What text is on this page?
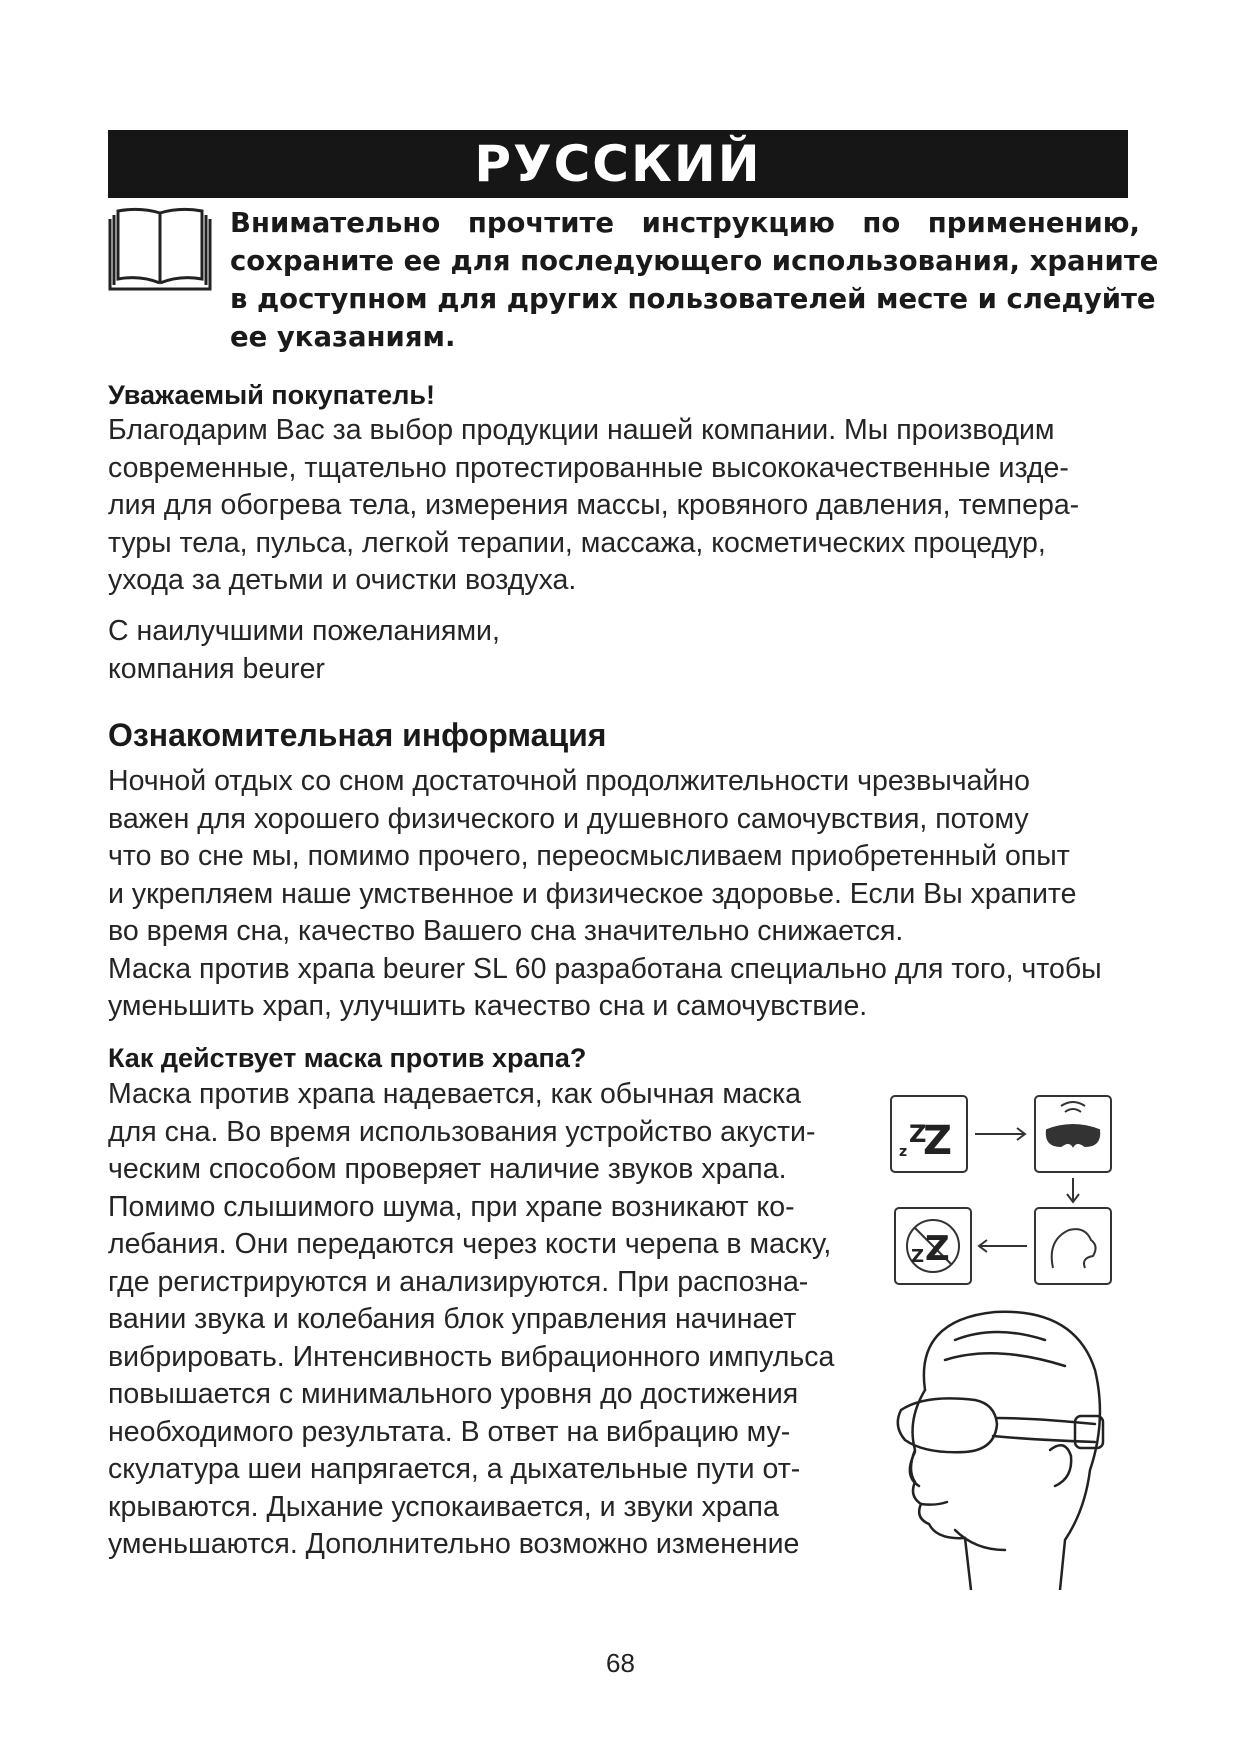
РУССКИЙ
Внимательно прочтите инструкцию по применению,
сохраните ее для последующего использования, храните
в доступном для других пользователей месте и следуйте
ее указаниям.
Уважаемый покупатель!
Благодарим Вас за выбор продукции нашей компании. Мы производим
современные, тщательно протестированные высококачественные изде-
лия для обогрева тела, измерения массы, кровяного давления, темпера-
туры тела, пульса, легкой терапии, массажа, косметических процедур,
ухода за детьми и очистки воздуха.
С наилучшими пожеланиями,
компания beurer
Ознакомительная информация
Ночной отдых со сном достаточной продолжительности чрезвычайно
важен для хорошего физического и душевного самочувствия, потому
что во сне мы, помимо прочего, переосмысливаем приобретенный опыт
и укрепляем наше умственное и физическое здоровье. Если Вы храпите
во время сна, качество Вашего сна значительно снижается.
Маска против храпа beurer SL 60 разработана специально для того, чтобы
уменьшить храп, улучшить качество сна и самочувствие.
Как действует маска против храпа?
Маска против храпа надевается, как обычная маска
для сна. Во время использования устройство акусти-
ческим способом проверяет наличие звуков храпа.
Помимо слышимого шума, при храпе возникают ко-
лебания. Они передаются через кости черепа в маску,
где регистрируются и анализируются. При распозна-
вании звука и колебания блок управления начинает
вибрировать. Интенсивность вибрационного импульса
повышается с минимального уровня до достижения
необходимого результата. В ответ на вибрацию му-
скулатура шеи напрягается, а дыхательные пути от-
крываются. Дыхание успокаивается, и звуки храпа
уменьшаются. Дополнительно возможно изменение
Z
Z
z
Z
Z
68
